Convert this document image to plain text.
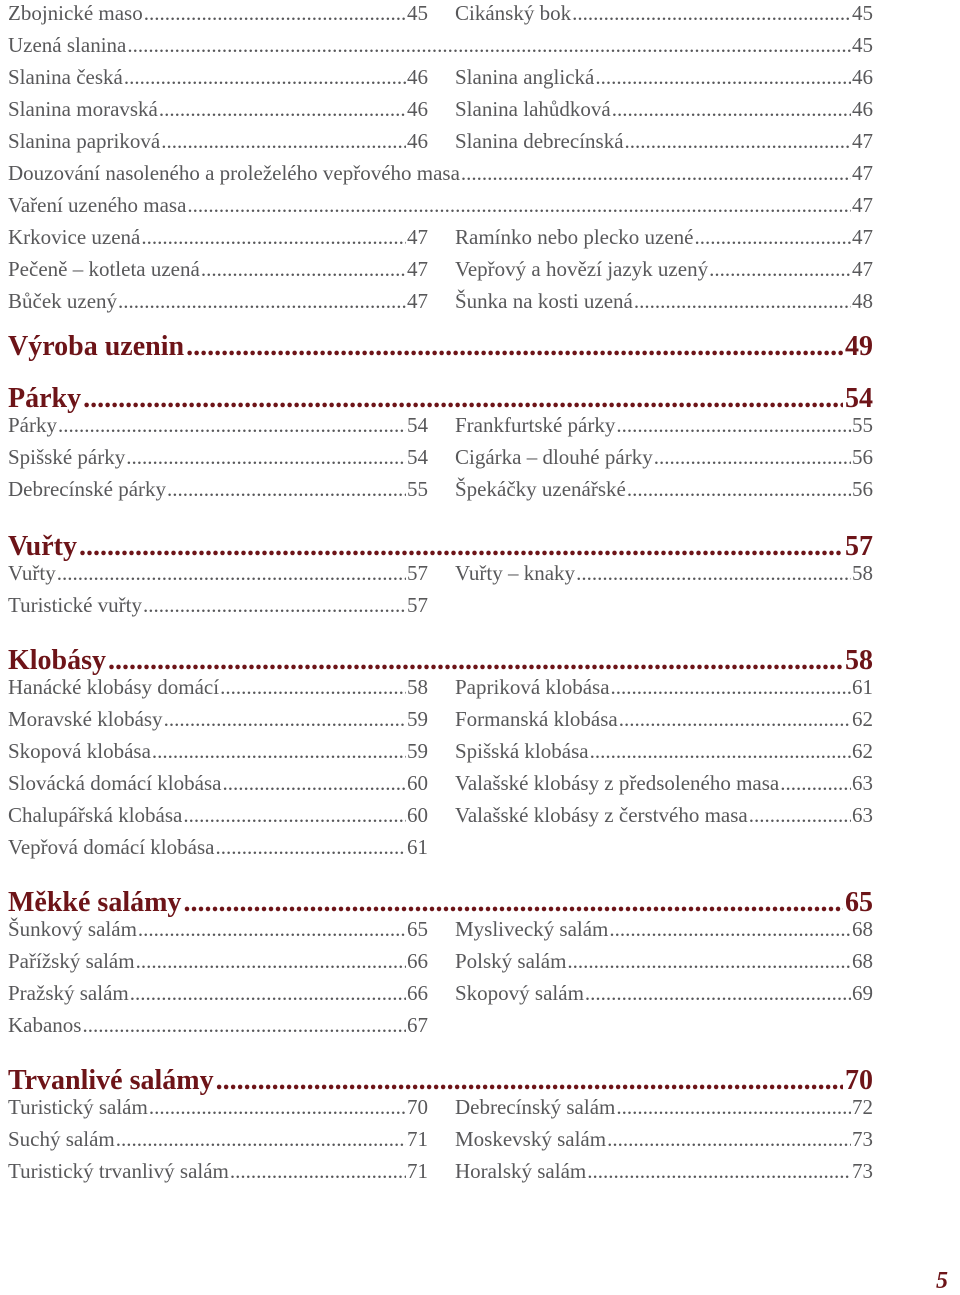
Zbojnické maso .....	45 Cikánský bok .....	45
Uzená slanina .....	45
Slanina česká .....	46 Slanina anglická .....	46
Slanina moravská .....	46 Slanina lahůdková .....	46
Slanina papriková .....	46 Slanina debrecínská .....	47
Douzování nasoleného a proleželého vepřového masa .....	47
Vaření uzeného masa .....	47
Krkovice uzená .....	47 Ramínko nebo plecko uzené .....	47
Pečeně – kotleta uzená .....	47 Vepřový a hovězí jazyk uzený .....	47
Bůček uzený .....	47 Šunka na kosti uzená .....	48
Výroba uzenin .....	49
Párky .....	54
Párky .....	54 Frankfurtské párky .....	55
Spišské párky .....	54 Cigárka – dlouhé párky .....	56
Debrecínské párky .....	55 Špekáčky uzenářské .....	56
Vuřty .....	57
Vuřty .....	57 Vuřty – knaky .....	58
Turistické vuřty .....	57
Klobásy .....	58
Hanácké klobásy domácí .....	58 Papriková klobása .....	61
Moravské klobásy .....	59 Formanská klobása .....	62
Skopová klobása .....	59 Spišská klobása .....	62
Slovácká domácí klobása .....	60 Valašské klobásy z předsoleného masa .....	63
Chalupářská klobása .....	60 Valašské klobásy z čerstvého masa .....	63
Vepřová domácí klobása .....	61
Měkké salámy .....	65
Šunkový salám .....	65 Myslivecký salám .....	68
Pařížský salám .....	66 Polský salám .....	68
Pražský salám .....	66 Skopový salám .....	69
Kabanos .....	67
Trvanlivé salámy .....	70
Turistický salám .....	70 Debrecínský salám .....	72
Suchý salám .....	71 Moskevský salám .....	73
Turistický trvanlivý salám .....	71 Horalský salám .....	73
5
